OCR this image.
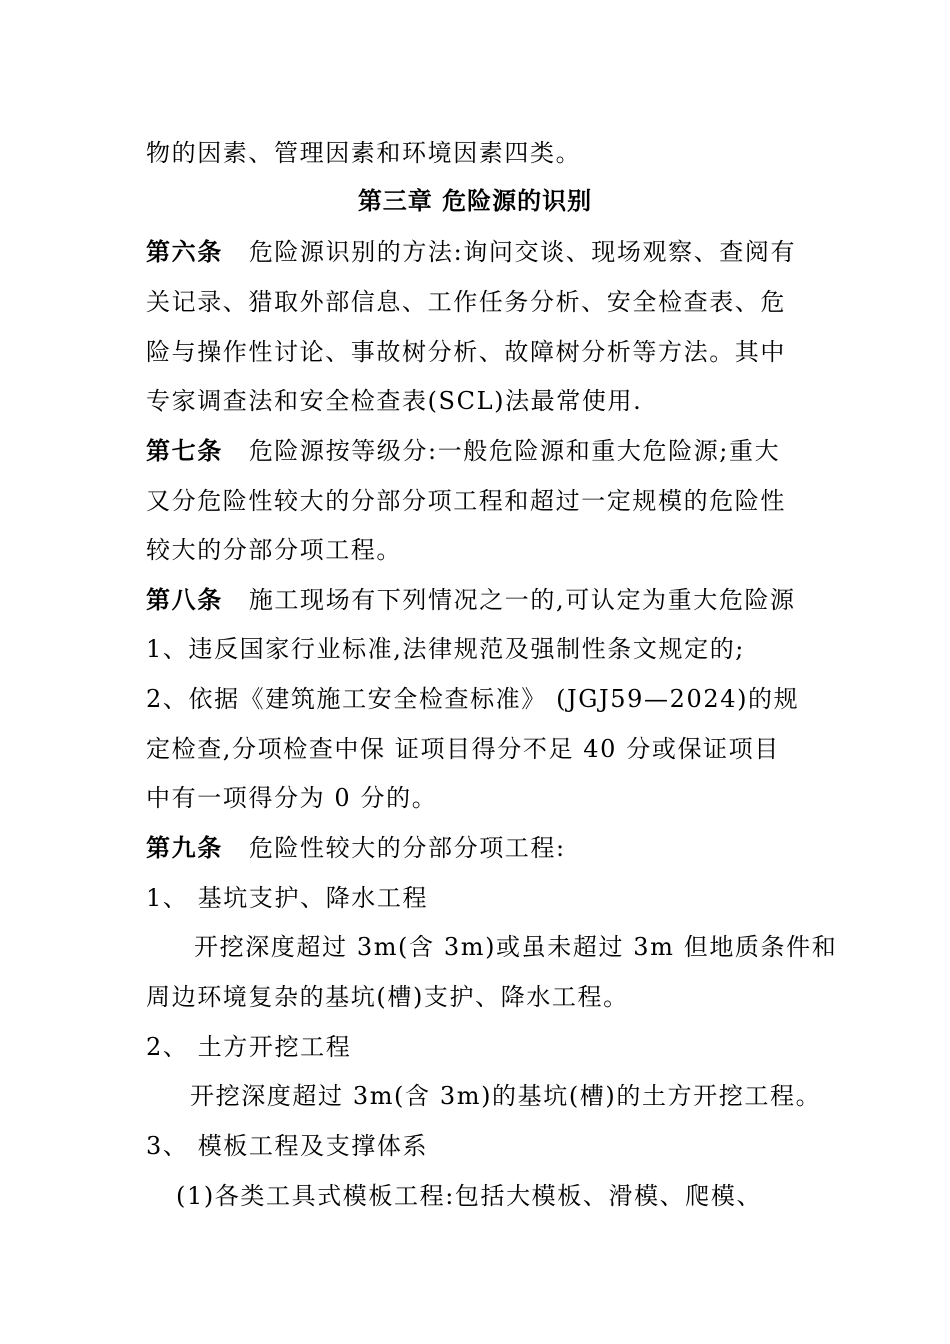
物的因素、管理因素和环境因素四类。
第三章 危险源的识别
第六条 危险源识别的方法:询问交谈、现场观察、查阅有
关记录、猎取外部信息、工作任务分析、安全检查表、危
险与操作性讨论、事故树分析、故障树分析等方法。其中
专家调查法和安全检查表(SCL)法最常使用.
第七条 危险源按等级分:一般危险源和重大危险源;重大
又分危险性较大的分部分项工程和超过一定规模的危险性
较大的分部分项工程。
第八条 施工现场有下列情况之一的,可认定为重大危险源
1、违反国家行业标准,法律规范及强制性条文规定的;
2、依据《建筑施工安全检查标准》 (JGJ59—2024)的规
定检查,分项检查中保 证项目得分不足 40 分或保证项目
中有一项得分为 0 分的。
第九条 危险性较大的分部分项工程:
1、 基坑支护、降水工程
开挖深度超过 3m(含 3m)或虽未超过 3m 但地质条件和
周边环境复杂的基坑(槽)支护、降水工程。
2、 土方开挖工程
开挖深度超过 3m(含 3m)的基坑(槽)的土方开挖工程。
3、 模板工程及支撑体系
(1)各类工具式模板工程:包括大模板、滑模、爬模、
